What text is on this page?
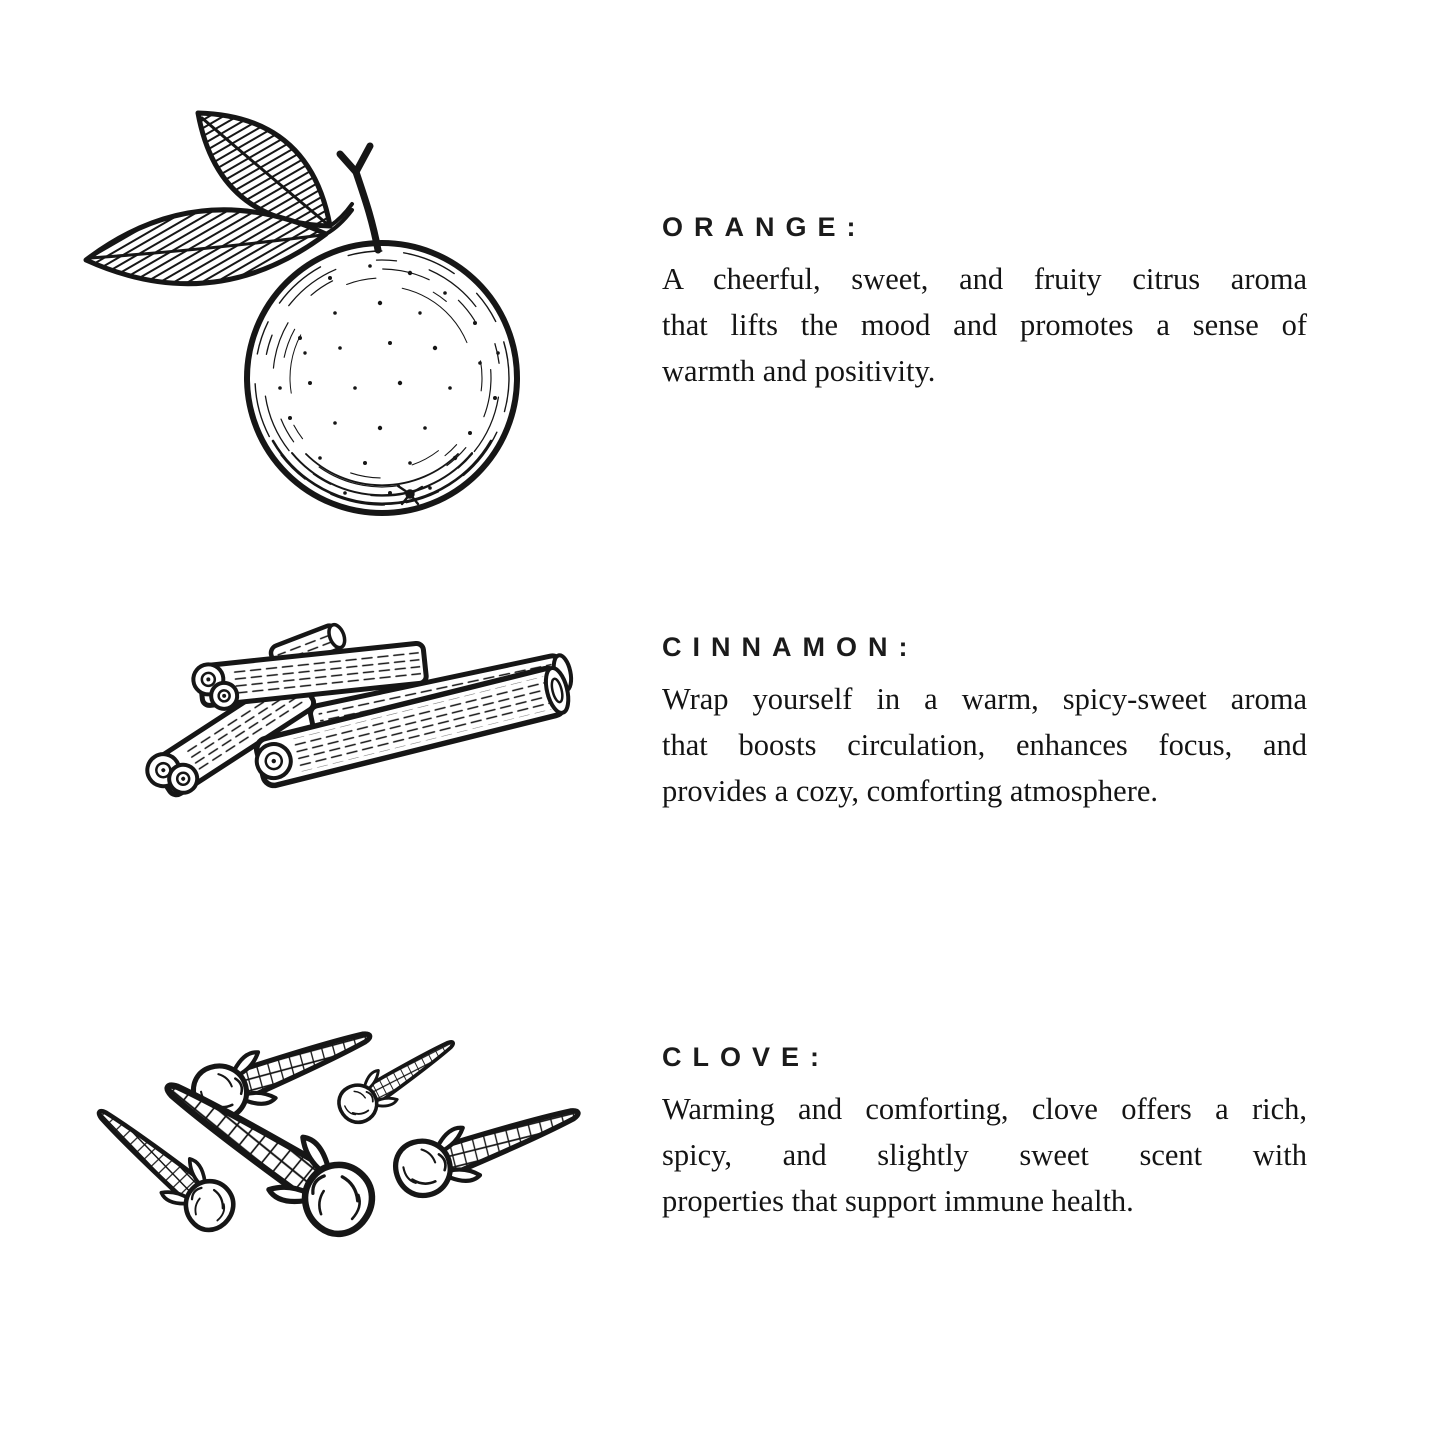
ORANGE:
A cheerful, sweet, and fruity citrus aroma
that lifts the mood and promotes a sense of
warmth and positivity.
CINNAMON:
Wrap yourself in a warm, spicy-sweet aroma
that boosts circulation, enhances focus, and
provides a cozy, comforting atmosphere.
CLOVE:
Warming and comforting, clove offers a rich,
spicy, and slightly sweet scent with
properties that support immune health.
